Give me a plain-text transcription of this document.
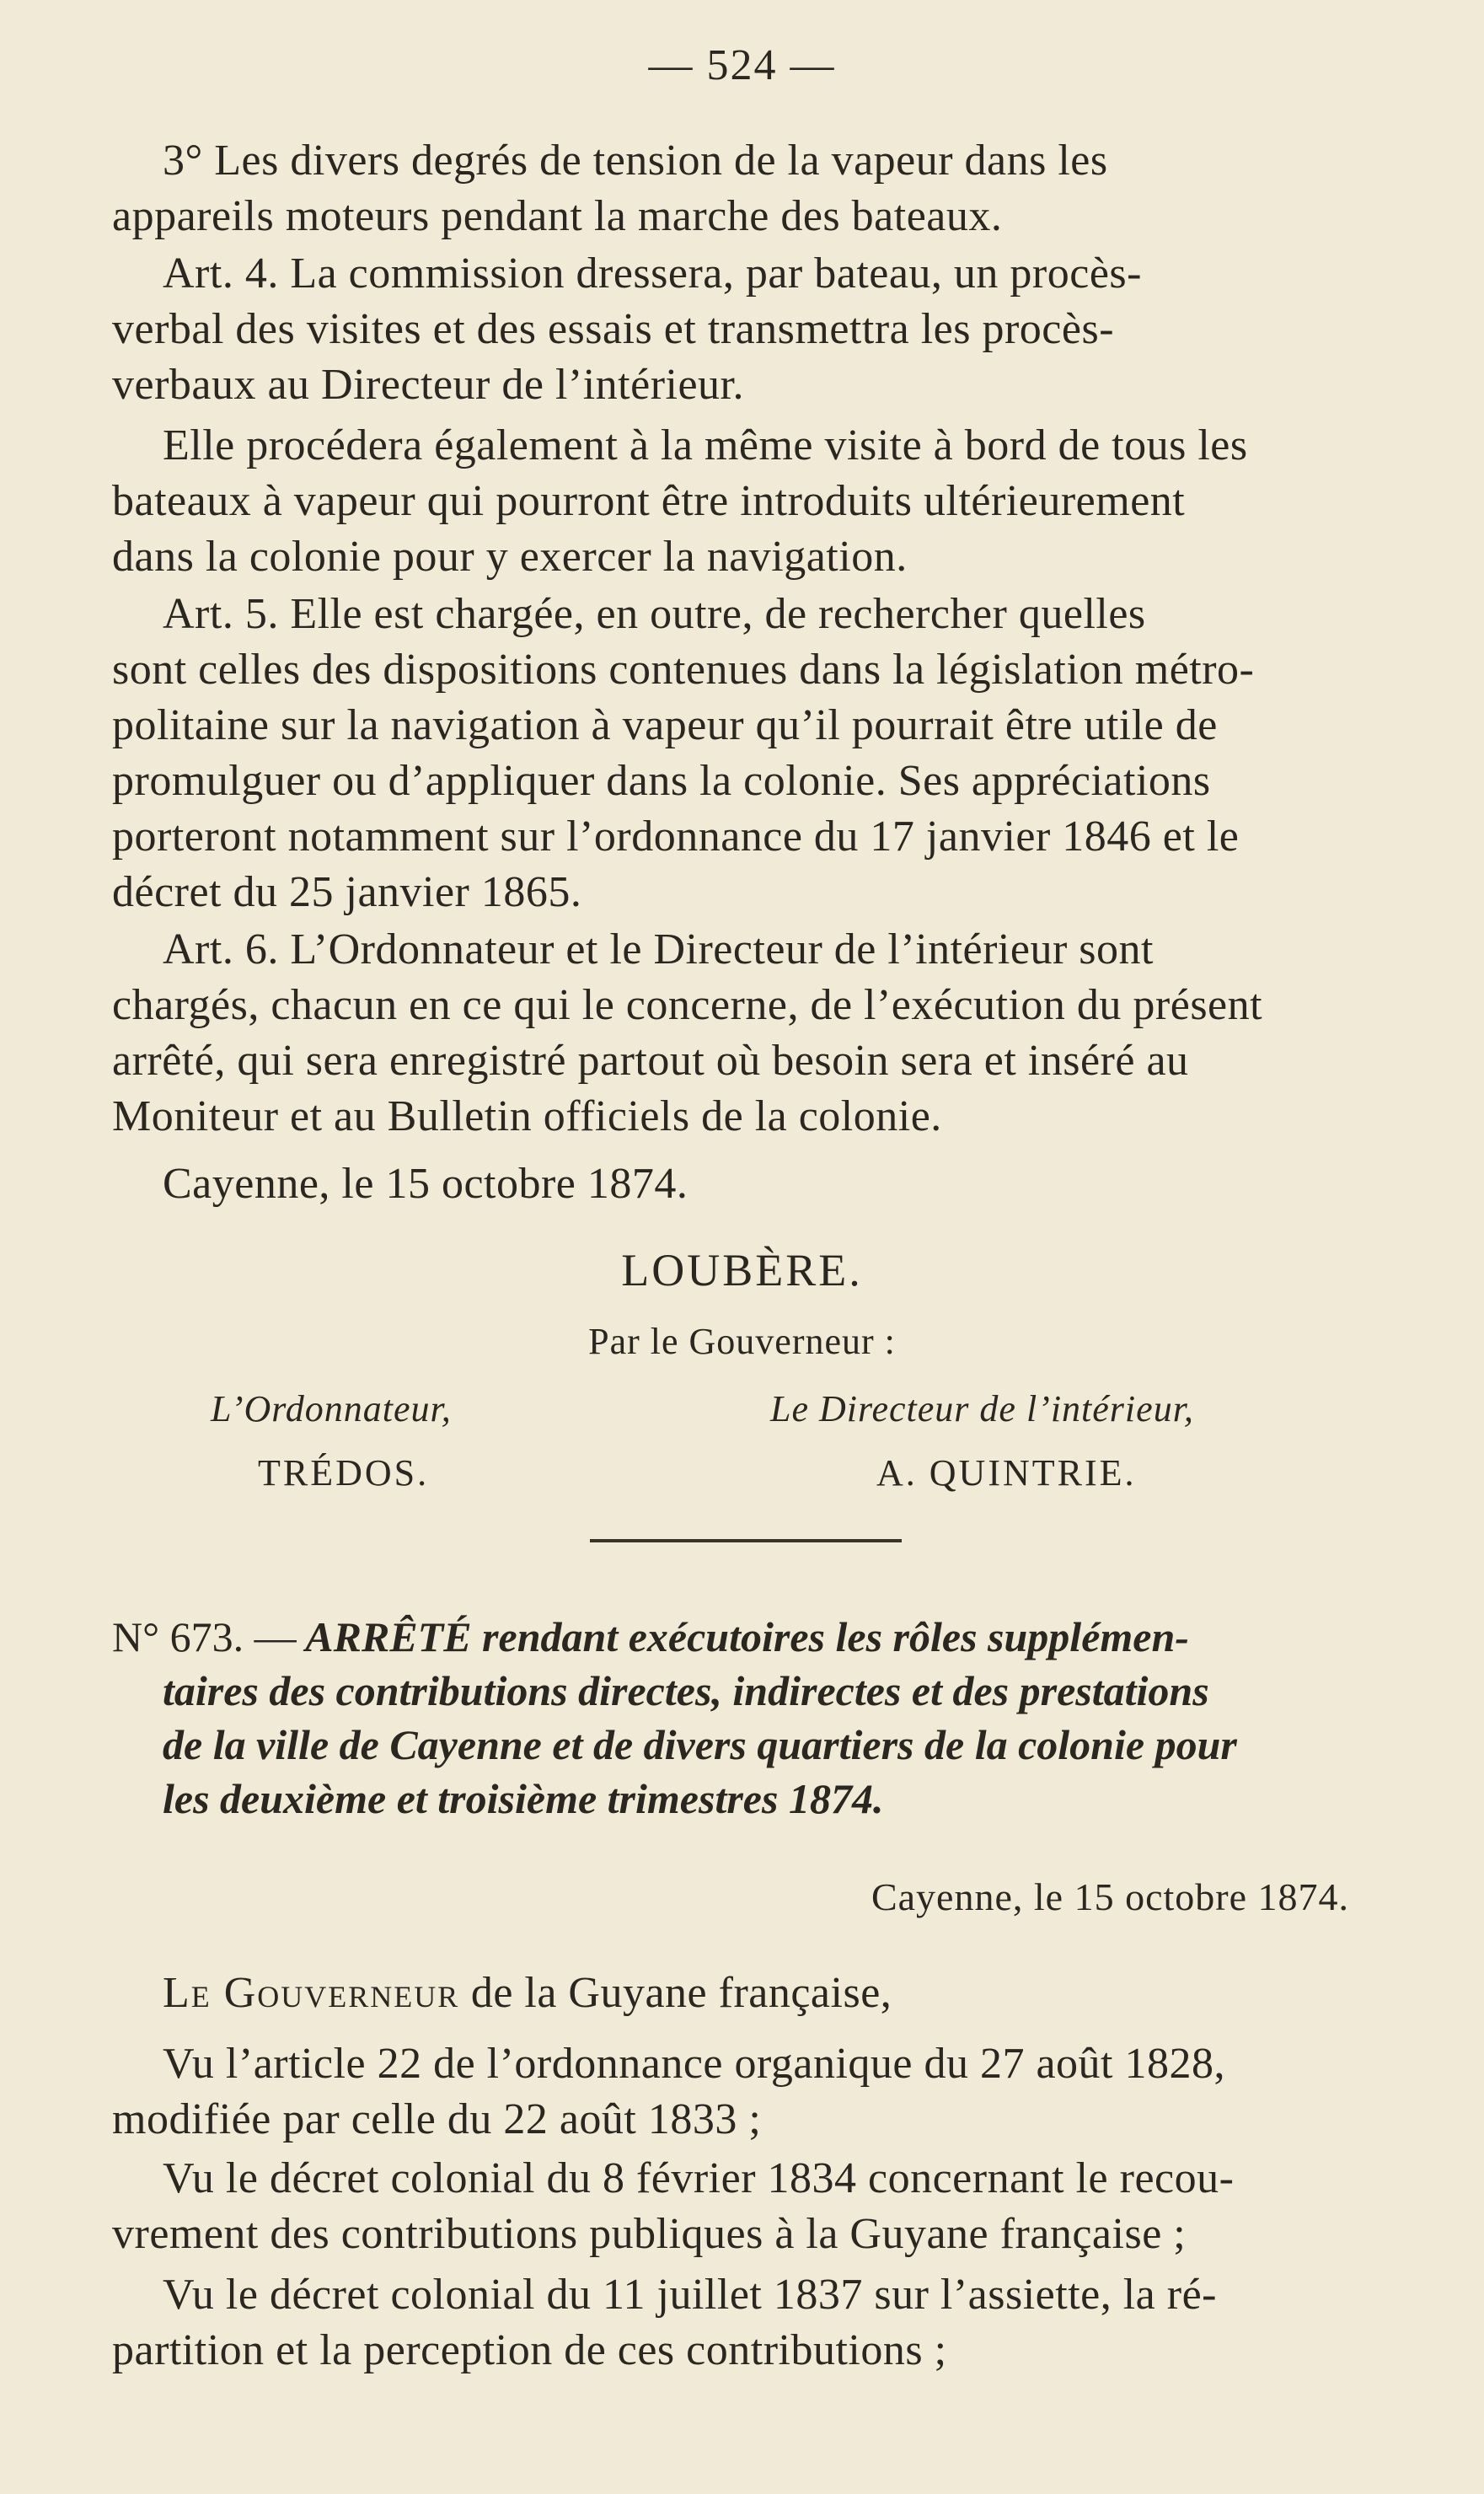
— 524 —
3° Les divers degrés de tension de la vapeur dans les
appareils moteurs pendant la marche des bateaux.
Art. 4. La commission dressera, par bateau, un procès-
verbal des visites et des essais et transmettra les procès-
verbaux au Directeur de l’intérieur.
Elle procédera également à la même visite à bord de tous les
bateaux à vapeur qui pourront être introduits ultérieurement
dans la colonie pour y exercer la navigation.
Art. 5. Elle est chargée, en outre, de rechercher quelles
sont celles des dispositions contenues dans la législation métro-
politaine sur la navigation à vapeur qu’il pourrait être utile de
promulguer ou d’appliquer dans la colonie. Ses appréciations
porteront notamment sur l’ordonnance du 17 janvier 1846 et le
décret du 25 janvier 1865.
Art. 6. L’Ordonnateur et le Directeur de l’intérieur sont
chargés, chacun en ce qui le concerne, de l’exécution du présent
arrêté, qui sera enregistré partout où besoin sera et inséré au
Moniteur et au Bulletin officiels de la colonie.
Cayenne, le 15 octobre 1874.
LOUBÈRE.
Par le Gouverneur :
L’Ordonnateur,
TRÉDOS.
Le Directeur de l’intérieur,
A. QUINTRIE.
N° 673. — ARRÊTÉ rendant exécutoires les rôles supplémen-
taires des contributions directes, indirectes et des prestations
de la ville de Cayenne et de divers quartiers de la colonie pour
les deuxième et troisième trimestres 1874.
Cayenne, le 15 octobre 1874.
Le Gouverneur de la Guyane française,
Vu l’article 22 de l’ordonnance organique du 27 août 1828,
modifiée par celle du 22 août 1833 ;
Vu le décret colonial du 8 février 1834 concernant le recou-
vrement des contributions publiques à la Guyane française ;
Vu le décret colonial du 11 juillet 1837 sur l’assiette, la ré-
partition et la perception de ces contributions ;
